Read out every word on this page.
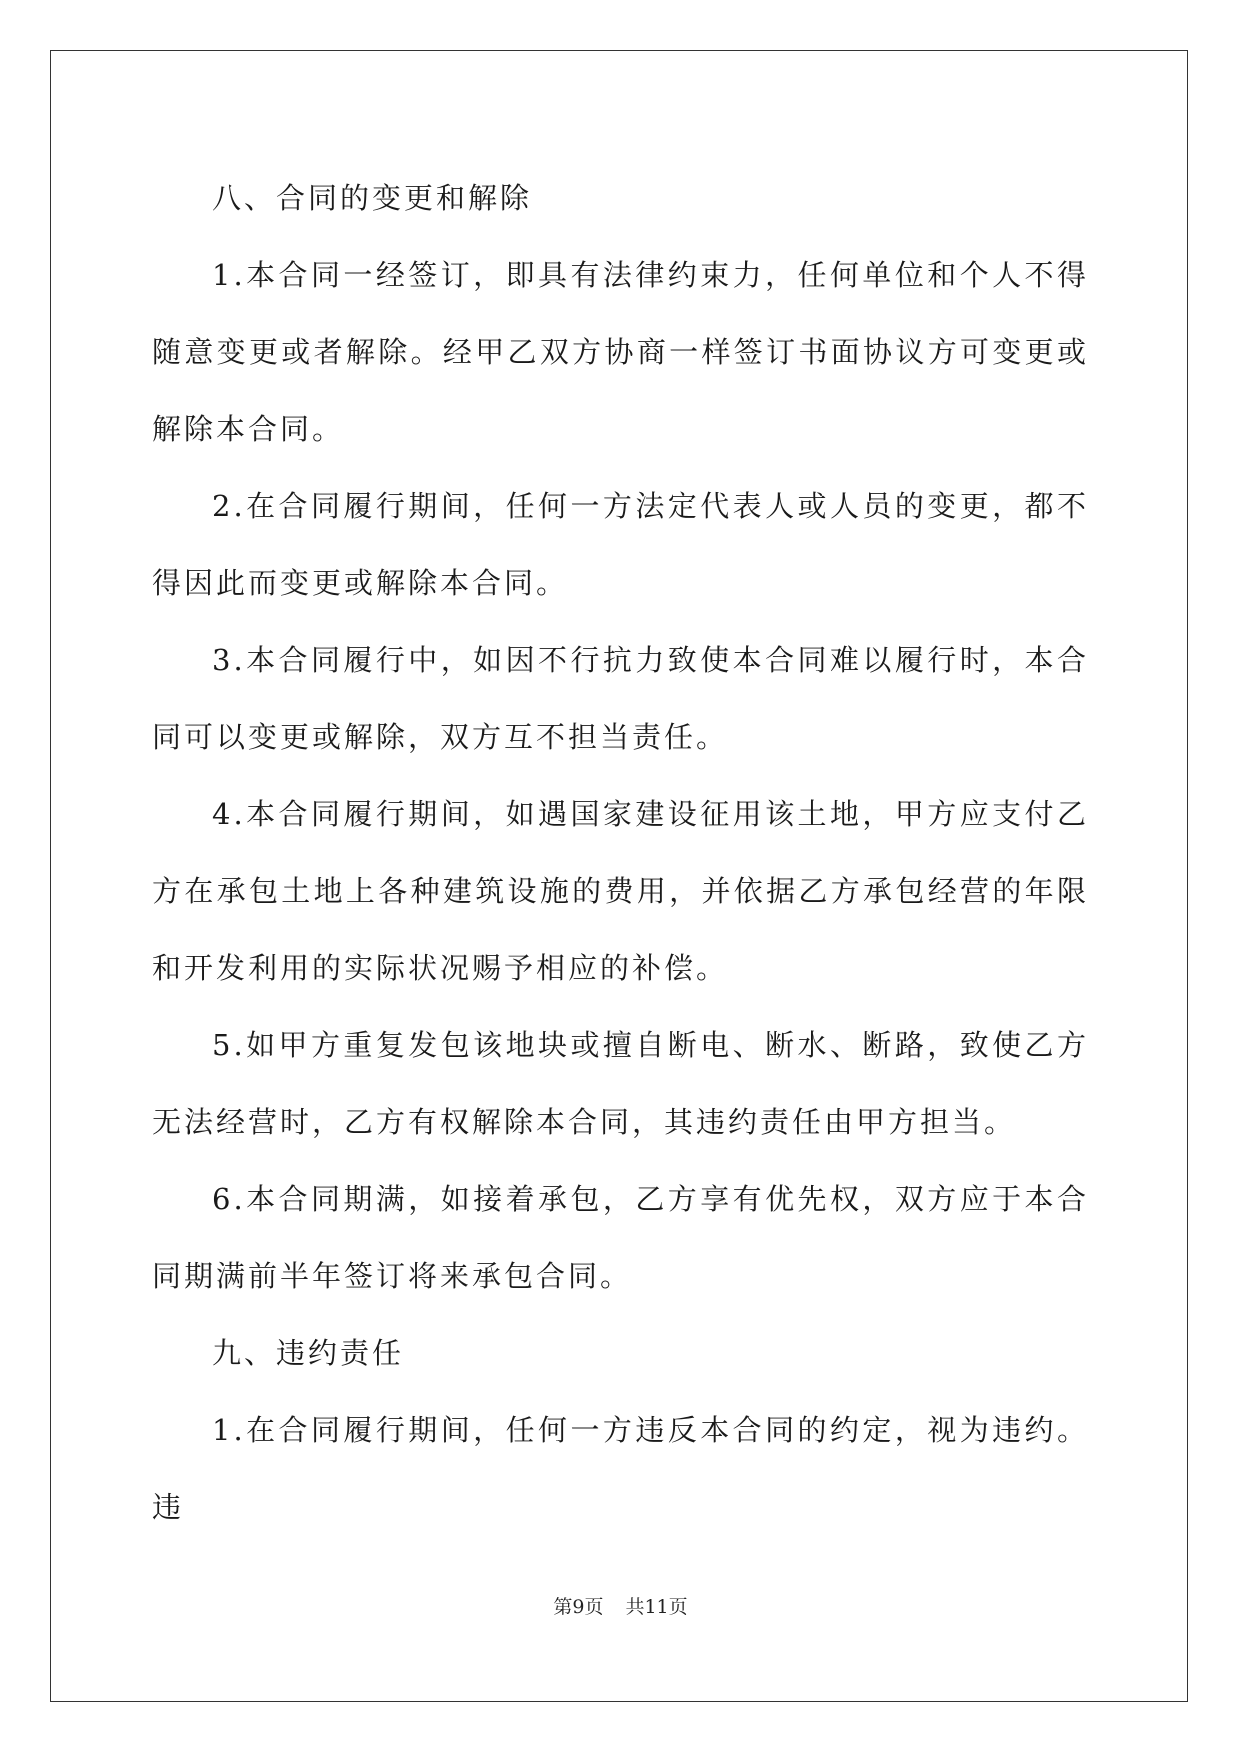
八、合同的变更和解除

1.本合同一经签订，即具有法律约束力，任何单位和个人不得随意变更或者解除。经甲乙双方协商一样签订书面协议方可变更或解除本合同。

2.在合同履行期间，任何一方法定代表人或人员的变更，都不得因此而变更或解除本合同。

3.本合同履行中，如因不行抗力致使本合同难以履行时，本合同可以变更或解除，双方互不担当责任。

4.本合同履行期间，如遇国家建设征用该土地，甲方应支付乙方在承包土地上各种建筑设施的费用，并依据乙方承包经营的年限和开发利用的实际状况赐予相应的补偿。

5.如甲方重复发包该地块或擅自断电、断水、断路，致使乙方无法经营时，乙方有权解除本合同，其违约责任由甲方担当。

6.本合同期满，如接着承包，乙方享有优先权，双方应于本合同期满前半年签订将来承包合同。

九、违约责任

1.在合同履行期间，任何一方违反本合同的约定，视为违约。违

第9页 共11页
